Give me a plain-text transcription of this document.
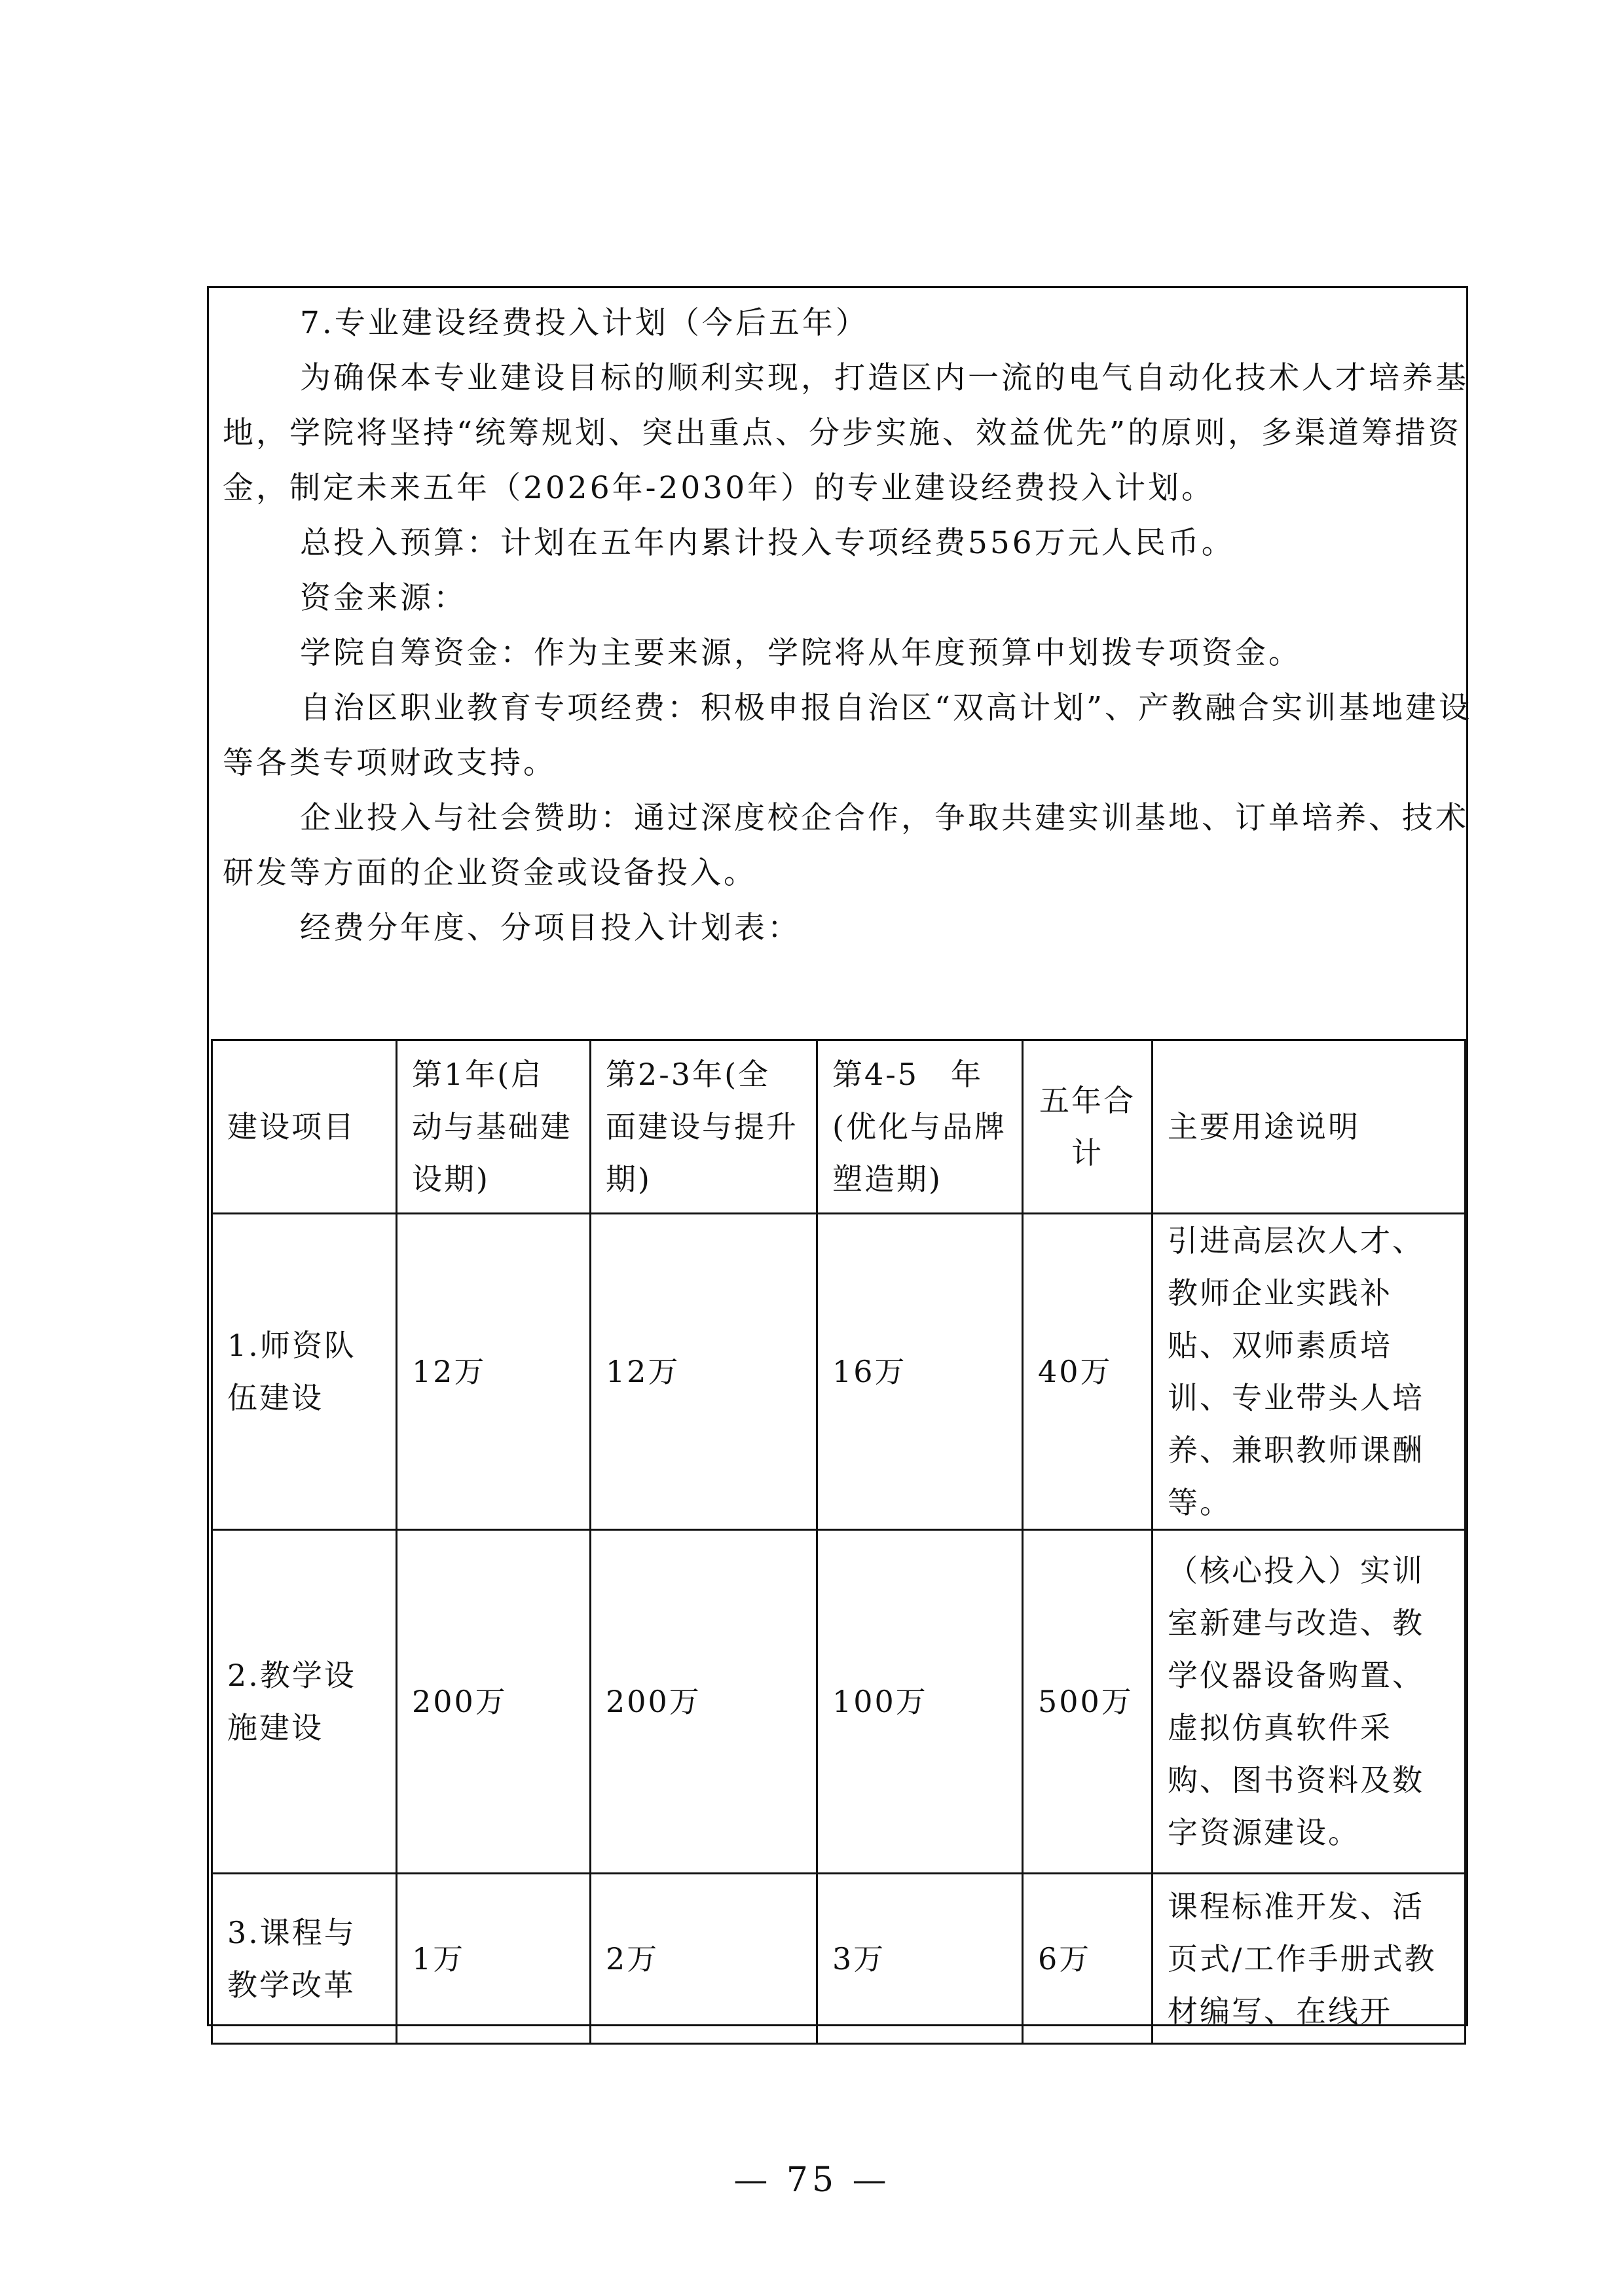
7.专业建设经费投入计划（今后五年）

为确保本专业建设目标的顺利实现，打造区内一流的电气自动化技术人才培养基地，学院将坚持“统筹规划、突出重点、分步实施、效益优先”的原则，多渠道筹措资金，制定未来五年（2026年-2030年）的专业建设经费投入计划。

总投入预算：计划在五年内累计投入专项经费556万元人民币。

资金来源：

学院自筹资金：作为主要来源，学院将从年度预算中划拨专项资金。

自治区职业教育专项经费：积极申报自治区“双高计划”、产教融合实训基地建设等各类专项财政支持。

企业投入与社会赞助：通过深度校企合作，争取共建实训基地、订单培养、技术研发等方面的企业资金或设备投入。

经费分年度、分项目投入计划表：

建设项目	第1年(启动与基础建设期)	第2-3年(全面建设与提升期)	第4-5　年(优化与品牌塑造期)	五年合计	主要用途说明
1.师资队伍建设	12万	12万	16万	40万	引进高层次人才、教师企业实践补贴、双师素质培训、专业带头人培养、兼职教师课酬等。
2.教学设施建设	200万	200万	100万	500万	（核心投入）实训室新建与改造、教学仪器设备购置、虚拟仿真软件采购、图书资料及数字资源建设。
3.课程与教学改革	1万	2万	3万	6万	课程标准开发、活页式/工作手册式教材编写、在线开
— 75 —
